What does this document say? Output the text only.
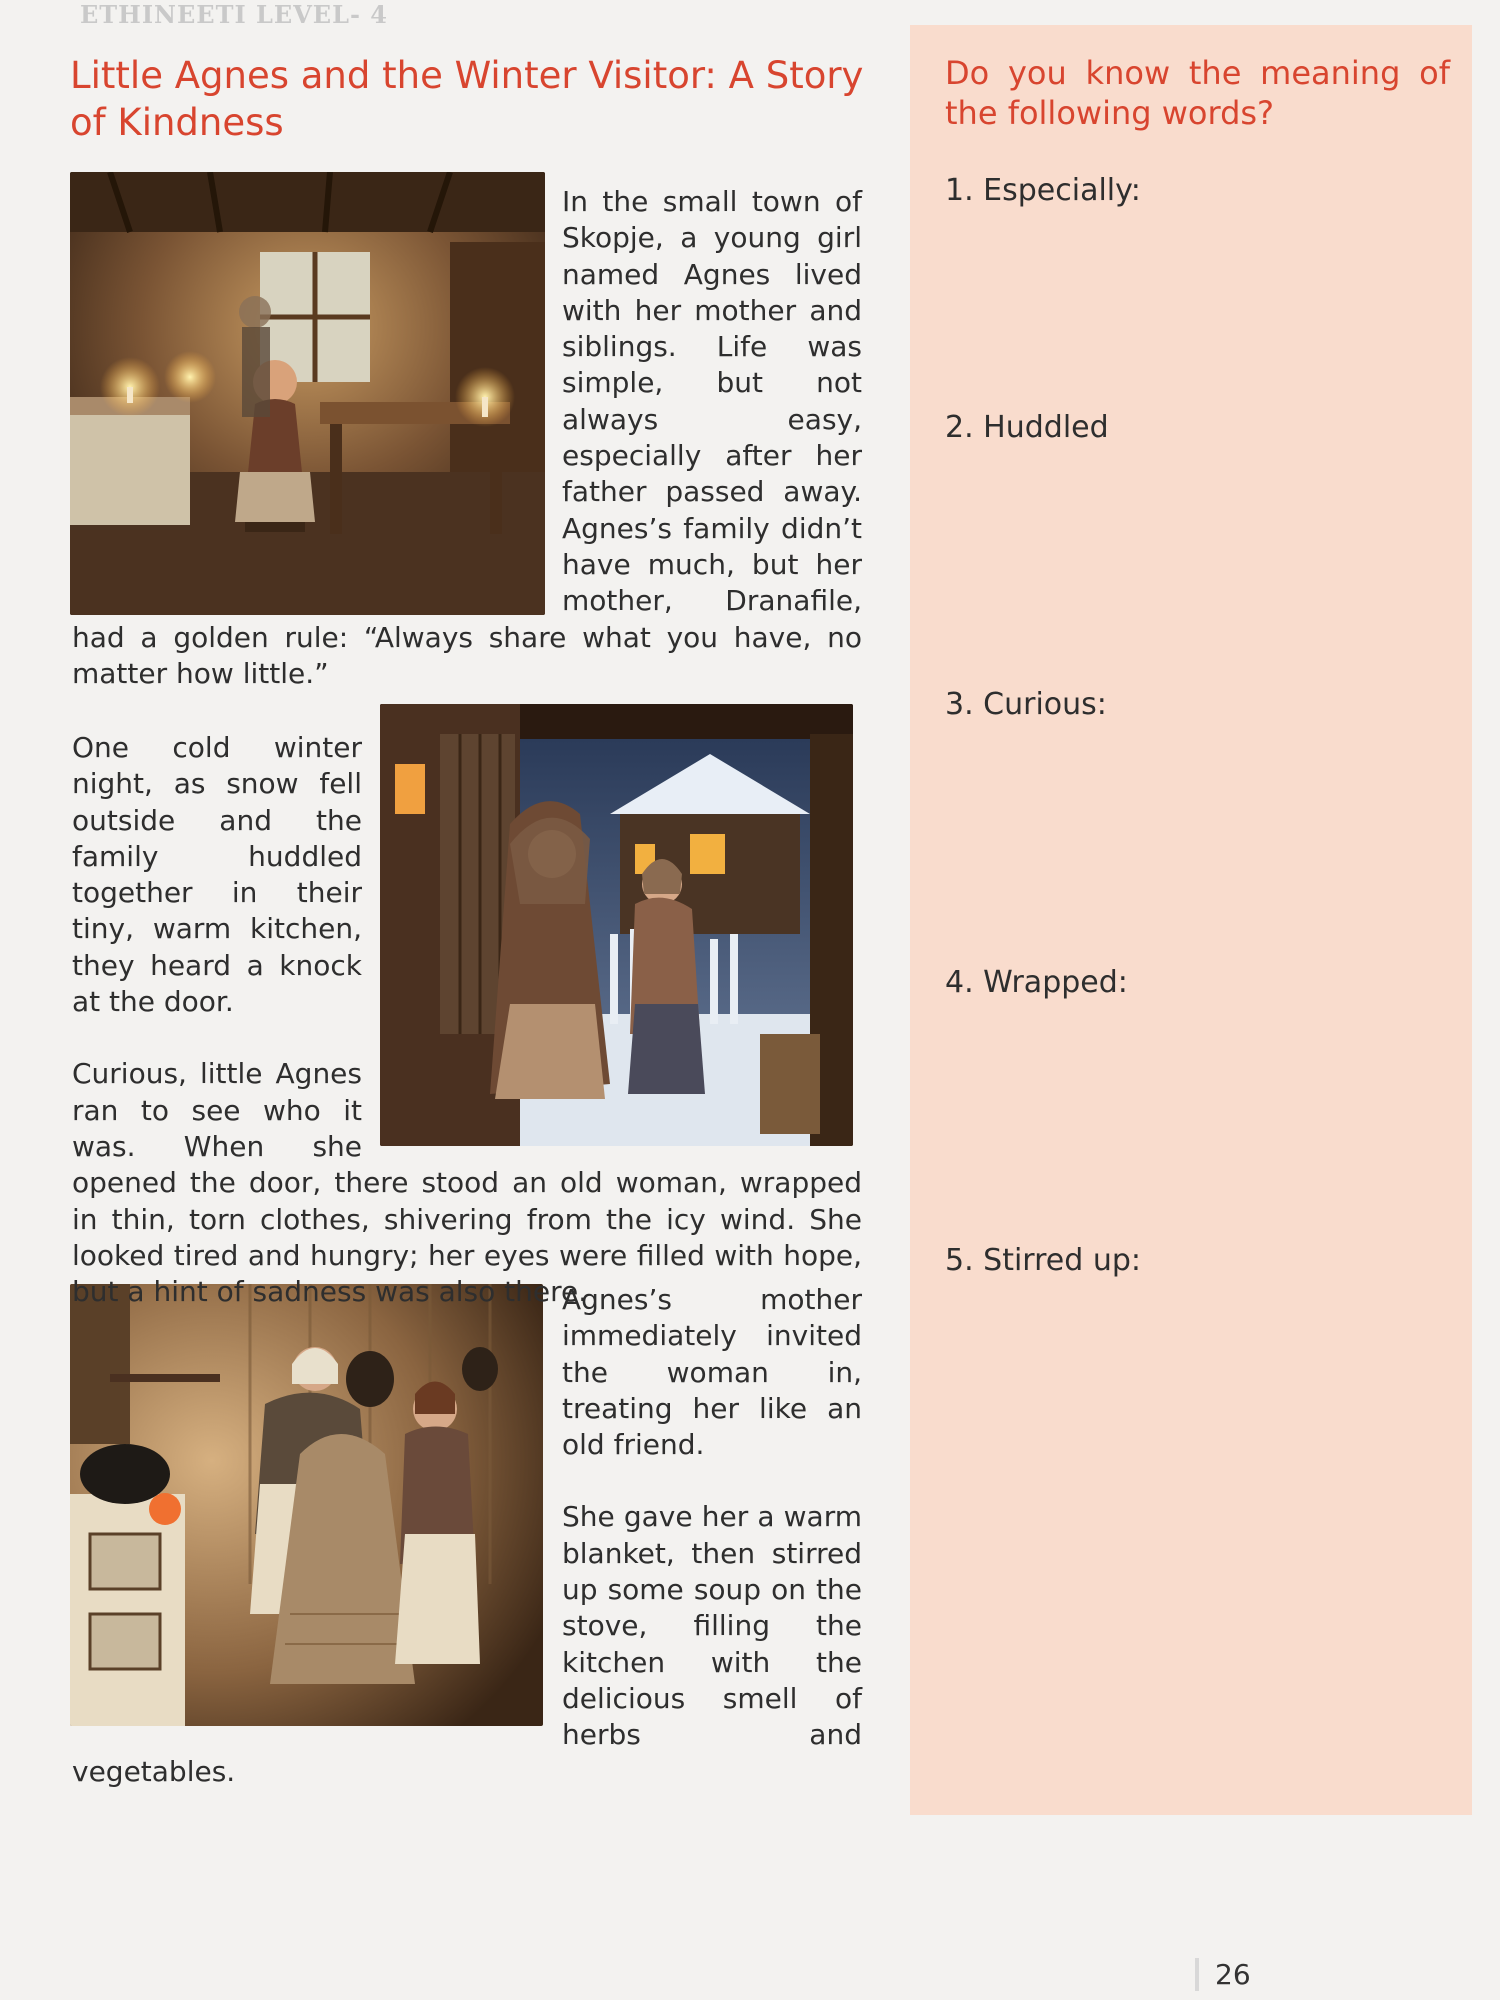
ETHINEETI LEVEL- 4
Little Agnes and the Winter Visitor: A Story of Kindness

In the small town of Skopje, a young girl named Agnes lived with her mother and siblings. Life was simple, but not always easy, especially after her father passed away. Agnes’s family didn’t have much, but her mother, Dranafile, had a golden rule: “Always share what you have, no matter how little.”

One cold winter night, as snow fell outside and the family huddled together in their tiny, warm kitchen, they heard a knock at the door.

Curious, little Agnes ran to see who it was. When she opened the door, there stood an old woman, wrapped in thin, torn clothes, shivering from the icy wind. She looked tired and hungry; her eyes were filled with hope, but a hint of sadness was also there.

Agnes’s mother immediately invited the woman in, treating her like an old friend.

She gave her a warm blanket, then stirred up some soup on the stove, filling the kitchen with the delicious smell of herbs and vegetables.

Do you know the meaning of the following words?
1. Especially:
2. Huddled
3. Curious:
4. Wrapped:
5. Stirred up:
26
